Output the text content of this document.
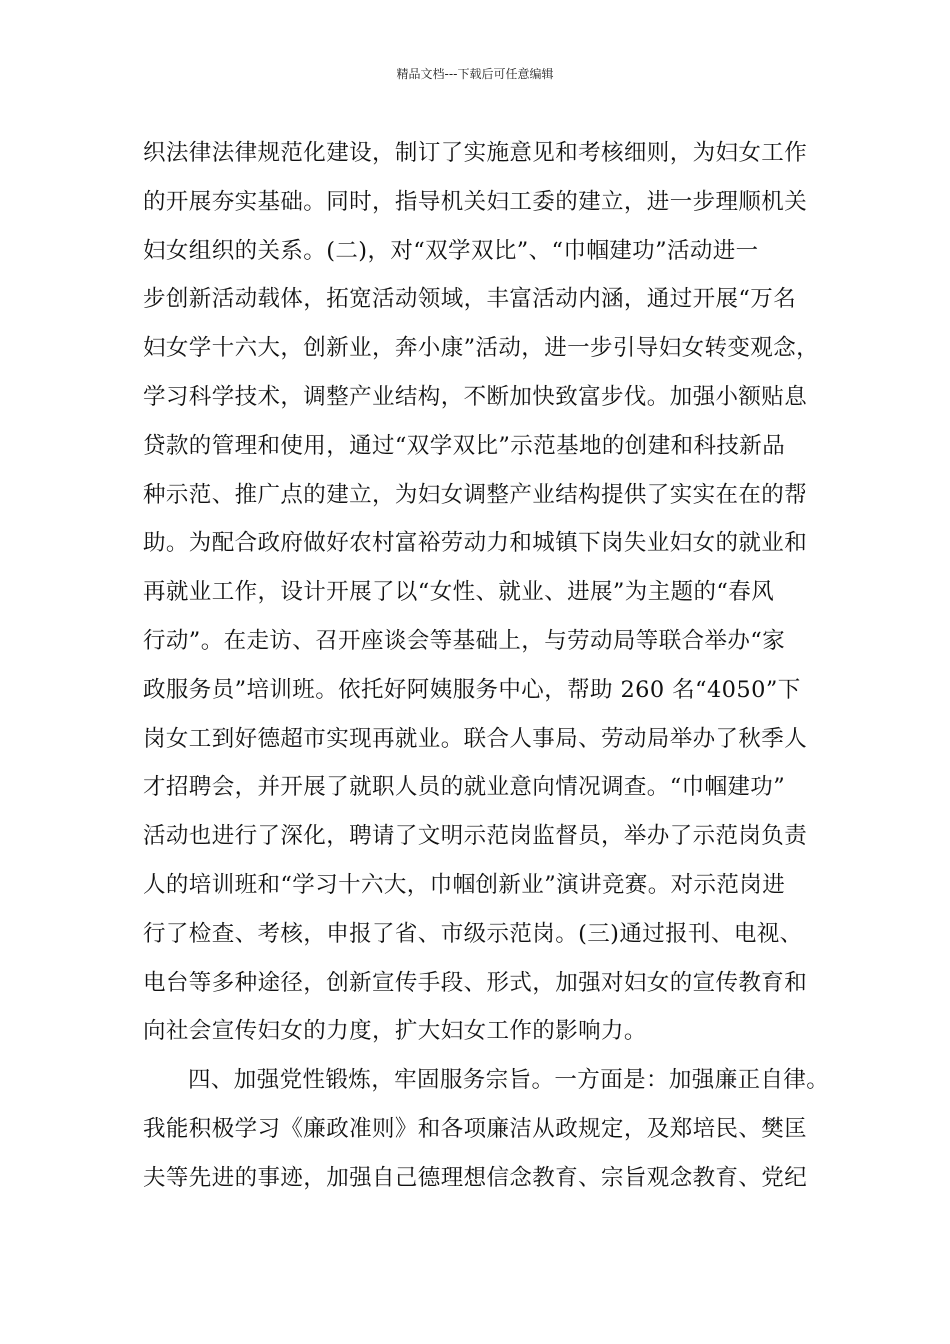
精品文档---下载后可任意编辑
织法律法律规范化建设，制订了实施意见和考核细则，为妇女工作
的开展夯实基础。同时，指导机关妇工委的建立，进一步理顺机关
妇女组织的关系。(二)，对“双学双比”、“巾帼建功”活动进一
步创新活动载体，拓宽活动领域，丰富活动内涵，通过开展“万名
妇女学十六大，创新业，奔小康”活动，进一步引导妇女转变观念，
学习科学技术，调整产业结构，不断加快致富步伐。加强小额贴息
贷款的管理和使用，通过“双学双比”示范基地的创建和科技新品
种示范、推广点的建立，为妇女调整产业结构提供了实实在在的帮
助。为配合政府做好农村富裕劳动力和城镇下岗失业妇女的就业和
再就业工作，设计开展了以“女性、就业、进展”为主题的“春风
行动”。在走访、召开座谈会等基础上，与劳动局等联合举办“家
政服务员”培训班。依托好阿姨服务中心，帮助 260 名“4050”下
岗女工到好德超市实现再就业。联合人事局、劳动局举办了秋季人
才招聘会，并开展了就职人员的就业意向情况调查。“巾帼建功”
活动也进行了深化，聘请了文明示范岗监督员，举办了示范岗负责
人的培训班和“学习十六大，巾帼创新业”演讲竞赛。对示范岗进
行了检查、考核，申报了省、市级示范岗。(三)通过报刊、电视、
电台等多种途径，创新宣传手段、形式，加强对妇女的宣传教育和
向社会宣传妇女的力度，扩大妇女工作的影响力。
四、加强党性锻炼，牢固服务宗旨。一方面是：加强廉正自律。
我能积极学习《廉政准则》和各项廉洁从政规定，及郑培民、樊匡
夫等先进的事迹，加强自己德理想信念教育、宗旨观念教育、党纪
